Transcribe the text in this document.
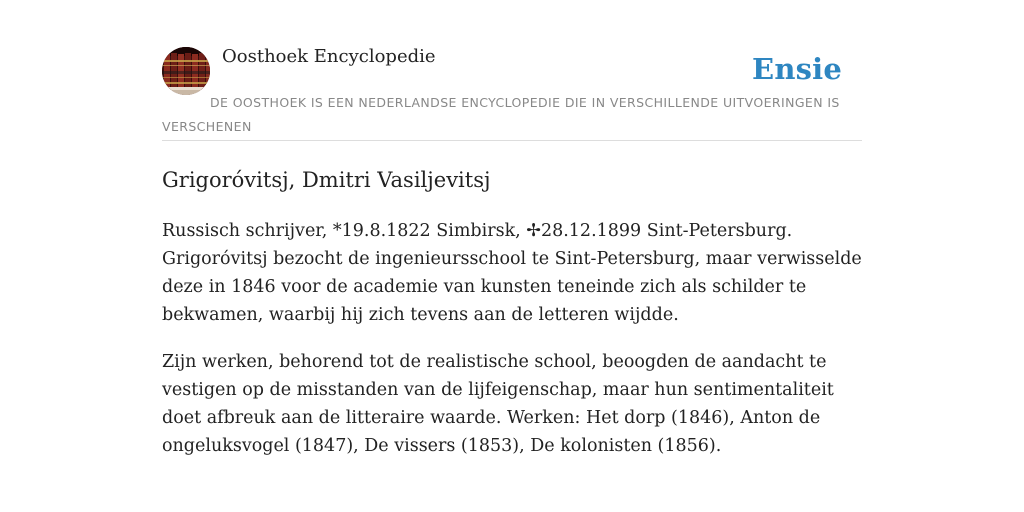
Oosthoek Encyclopedie	Ensie
DE OOSTHOEK IS EEN NEDERLANDSE ENCYCLOPEDIE DIE IN VERSCHILLENDE UITVOERINGEN IS VERSCHENEN
Grigoróvitsj, Dmitri Vasiljevitsj

Russisch schrijver, *19.8.1822 Simbirsk, ✢28.12.1899 Sint-Petersburg. Grigoróvitsj bezocht de ingenieursschool te Sint-Petersburg, maar verwisselde deze in 1846 voor de academie van kunsten teneinde zich als schilder te bekwamen, waarbij hij zich tevens aan de letteren wijdde.

Zijn werken, behorend tot de realistische school, beoogden de aandacht te vestigen op de misstanden van de lijfeigenschap, maar hun sentimentaliteit doet afbreuk aan de litteraire waarde. Werken: Het dorp (1846), Anton de ongeluksvogel (1847), De vissers (1853), De kolonisten (1856).
